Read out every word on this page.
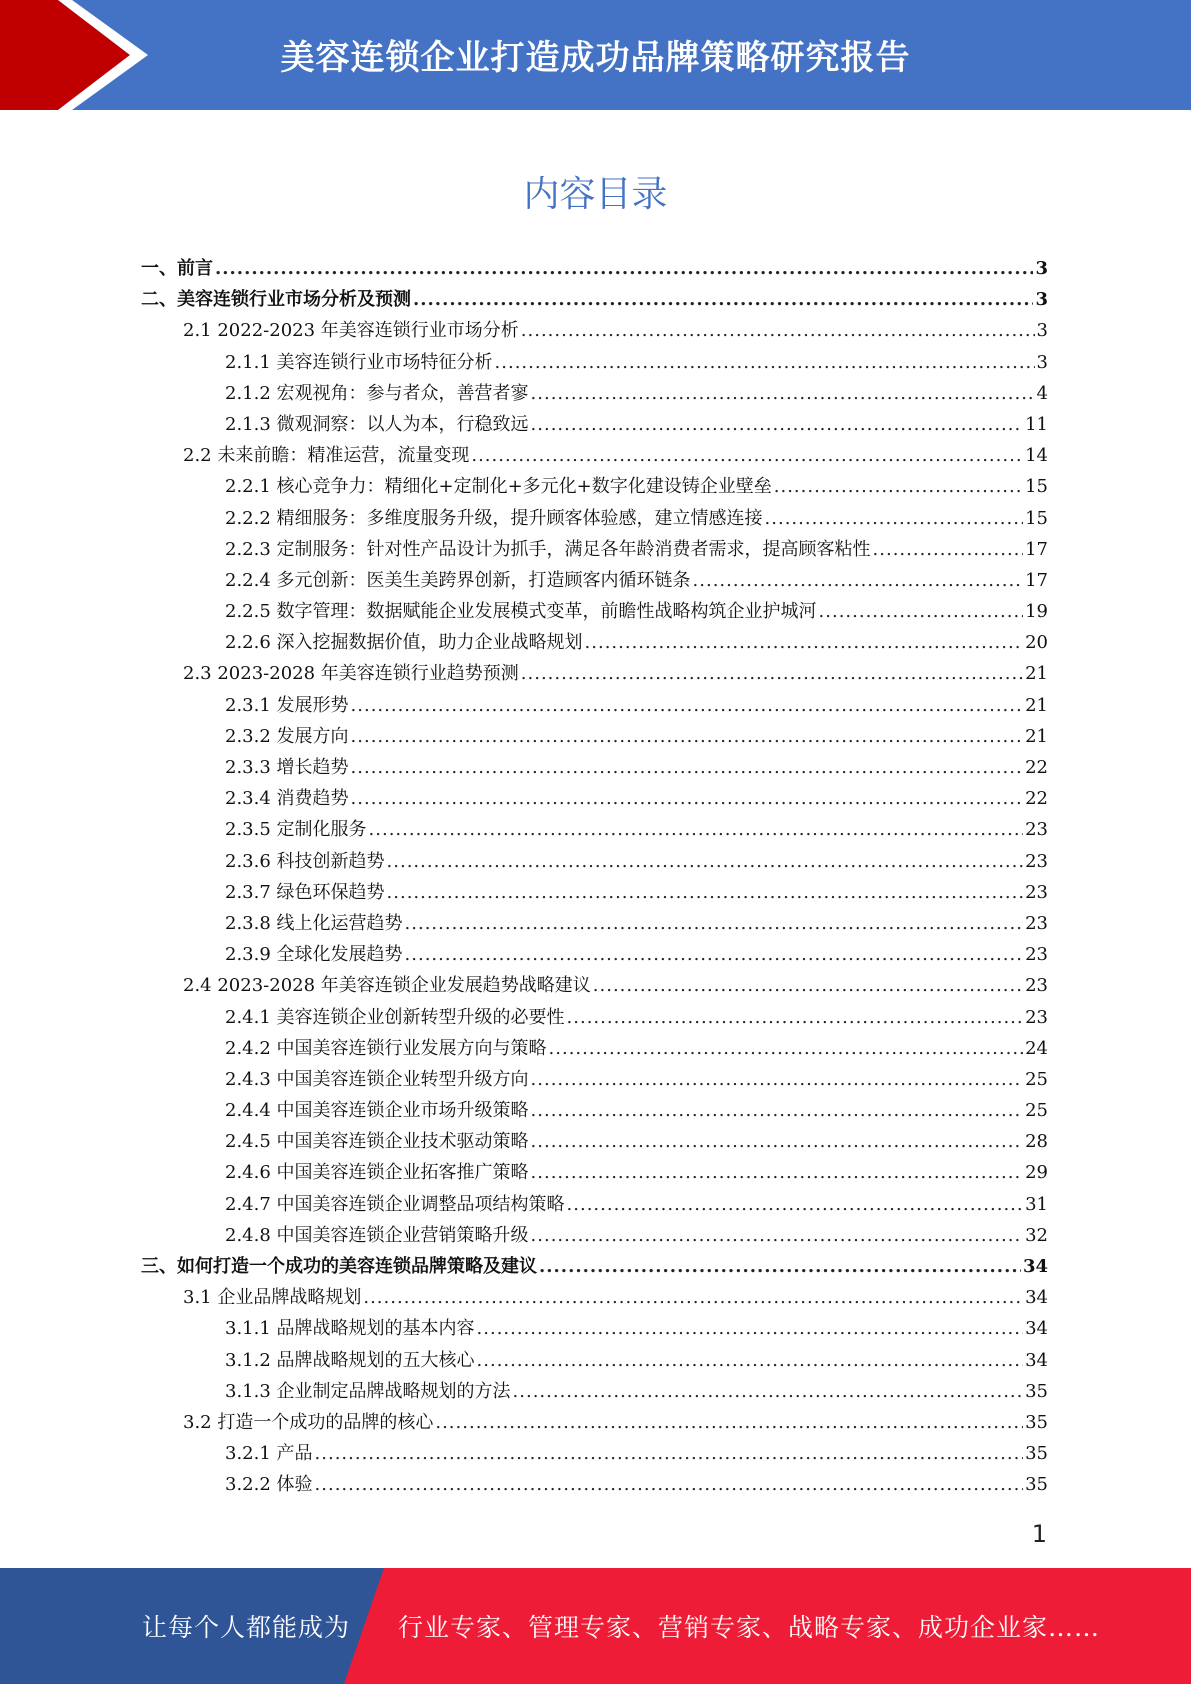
美容连锁企业打造成功品牌策略研究报告
内容目录
一、前言 .....	3
二、美容连锁行业市场分析及预测 .....	3
2.1 2022-2023 年美容连锁行业市场分析 .....	3
2.1.1 美容连锁行业市场特征分析 .....	3
2.1.2 宏观视角：参与者众，善营者寥 .....	4
2.1.3 微观洞察：以人为本，行稳致远 .....	11
2.2 未来前瞻：精准运营，流量变现 .....	14
2.2.1 核心竞争力：精细化+定制化+多元化+数字化建设铸企业壁垒 .....	15
2.2.2 精细服务：多维度服务升级，提升顾客体验感，建立情感连接 .....	15
2.2.3 定制服务：针对性产品设计为抓手，满足各年龄消费者需求，提高顾客粘性 .....	17
2.2.4 多元创新：医美生美跨界创新，打造顾客内循环链条 .....	17
2.2.5 数字管理：数据赋能企业发展模式变革，前瞻性战略构筑企业护城河 .....	19
2.2.6 深入挖掘数据价值，助力企业战略规划 .....	20
2.3 2023-2028 年美容连锁行业趋势预测 .....	21
2.3.1 发展形势 .....	21
2.3.2 发展方向 .....	21
2.3.3 增长趋势 .....	22
2.3.4 消费趋势 .....	22
2.3.5 定制化服务 .....	23
2.3.6 科技创新趋势 .....	23
2.3.7 绿色环保趋势 .....	23
2.3.8 线上化运营趋势 .....	23
2.3.9 全球化发展趋势 .....	23
2.4 2023-2028 年美容连锁企业发展趋势战略建议 .....	23
2.4.1 美容连锁企业创新转型升级的必要性 .....	23
2.4.2 中国美容连锁行业发展方向与策略 .....	24
2.4.3 中国美容连锁企业转型升级方向 .....	25
2.4.4 中国美容连锁企业市场升级策略 .....	25
2.4.5 中国美容连锁企业技术驱动策略 .....	28
2.4.6 中国美容连锁企业拓客推广策略 .....	29
2.4.7 中国美容连锁企业调整品项结构策略 .....	31
2.4.8 中国美容连锁企业营销策略升级 .....	32
三、如何打造一个成功的美容连锁品牌策略及建议 .....	34
3.1 企业品牌战略规划 .....	34
3.1.1 品牌战略规划的基本内容 .....	34
3.1.2 品牌战略规划的五大核心 .....	34
3.1.3 企业制定品牌战略规划的方法 .....	35
3.2 打造一个成功的品牌的核心 .....	35
3.2.1 产品 .....	35
3.2.2 体验 .....	35
1
让每个人都能成为 行业专家、管理专家、营销专家、战略专家、成功企业家……
